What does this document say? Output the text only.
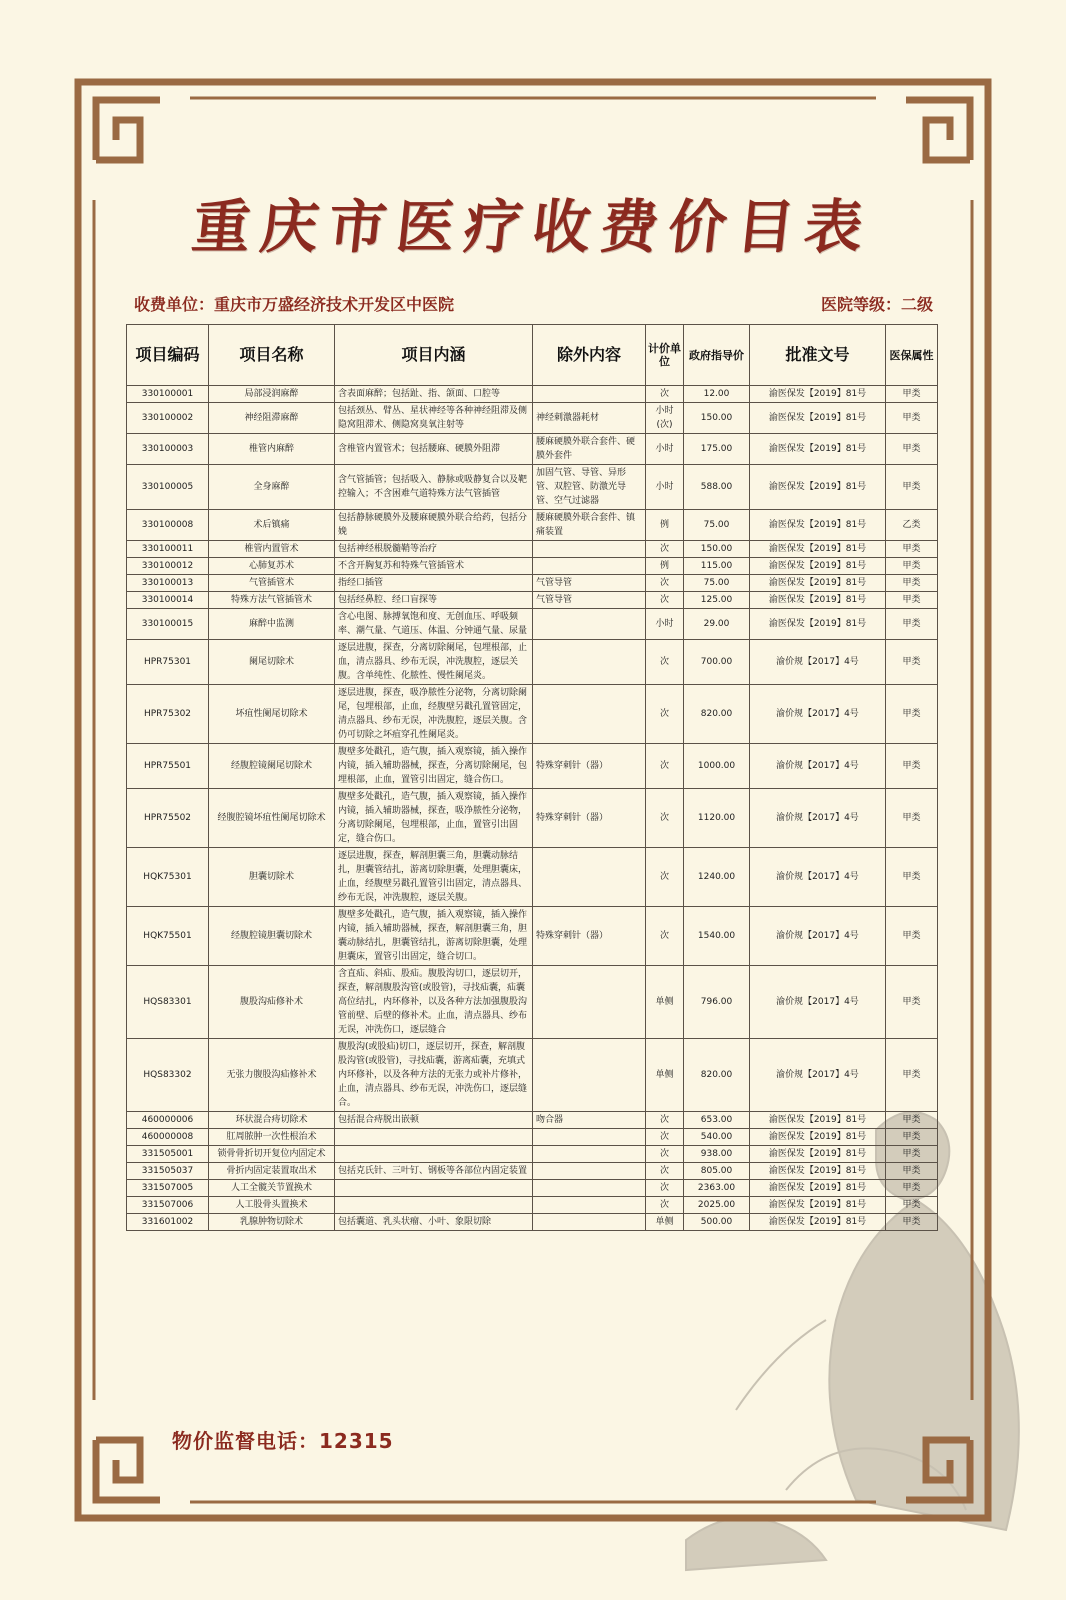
重庆市医疗收费价目表
收费单位：重庆市万盛经济技术开发区中医院	医院等级：二级
项目编码	项目名称	项目内涵	除外内容	计价单位	政府指导价	批准文号	医保属性
330100001	局部浸润麻醉	含表面麻醉；包括趾、指、颌面、口腔等		次	12.00	渝医保发【2019】81号	甲类
330100002	神经阻滞麻醉	包括颈丛、臂丛、星状神经等各种神经阻滞及侧隐窝阻滞术、侧隐窝臭氧注射等	神经刺激器耗材	小时(次)	150.00	渝医保发【2019】81号	甲类
330100003	椎管内麻醉	含椎管内置管术；包括腰麻、硬膜外阻滞	腰麻硬膜外联合套件、硬膜外套件	小时	175.00	渝医保发【2019】81号	甲类
330100005	全身麻醉	含气管插管；包括吸入、静脉或吸静复合以及靶控输入；不含困难气道特殊方法气管插管	加固气管、导管、异形管、双腔管、防激光导管、空气过滤器	小时	588.00	渝医保发【2019】81号	甲类
330100008	术后镇痛	包括静脉硬膜外及腰麻硬膜外联合给药，包括分娩	腰麻硬膜外联合套件、镇痛装置	例	75.00	渝医保发【2019】81号	乙类
330100011	椎管内置管术	包括神经根脱髓鞘等治疗		次	150.00	渝医保发【2019】81号	甲类
330100012	心肺复苏术	不含开胸复苏和特殊气管插管术		例	115.00	渝医保发【2019】81号	甲类
330100013	气管插管术	指经口插管	气管导管	次	75.00	渝医保发【2019】81号	甲类
330100014	特殊方法气管插管术	包括经鼻腔、经口盲探等	气管导管	次	125.00	渝医保发【2019】81号	甲类
330100015	麻醉中监测	含心电图、脉搏氧饱和度、无创血压、呼吸频率、潮气量、气道压、体温、分钟通气量、尿量		小时	29.00	渝医保发【2019】81号	甲类
HPR75301	阑尾切除术	逐层进腹，探查，分离切除阑尾，包埋根部，止血，清点器具、纱布无误，冲洗腹腔，逐层关腹。含单纯性、化脓性、慢性阑尾炎。		次	700.00	渝价规【2017】4号	甲类
HPR75302	坏疽性阑尾切除术	逐层进腹，探查，吸净脓性分泌物，分离切除阑尾，包埋根部，止血，经腹壁另戳孔置管固定，清点器具、纱布无误，冲洗腹腔，逐层关腹。含仍可切除之坏疽穿孔性阑尾炎。		次	820.00	渝价规【2017】4号	甲类
HPR75501	经腹腔镜阑尾切除术	腹壁多处戳孔，造气腹，插入观察镜，插入操作内镜，插入辅助器械，探查，分离切除阑尾，包埋根部，止血，置管引出固定，缝合伤口。	特殊穿刺针（器）	次	1000.00	渝价规【2017】4号	甲类
HPR75502	经腹腔镜坏疽性阑尾切除术	腹壁多处戳孔，造气腹，插入观察镜，插入操作内镜，插入辅助器械，探查，吸净脓性分泌物，分离切除阑尾，包埋根部，止血，置管引出固定，缝合伤口。	特殊穿刺针（器）	次	1120.00	渝价规【2017】4号	甲类
HQK75301	胆囊切除术	逐层进腹，探查，解剖胆囊三角，胆囊动脉结扎，胆囊管结扎，游离切除胆囊，处理胆囊床，止血，经腹壁另戳孔置管引出固定，清点器具、纱布无误，冲洗腹腔，逐层关腹。		次	1240.00	渝价规【2017】4号	甲类
HQK75501	经腹腔镜胆囊切除术	腹壁多处戳孔，造气腹，插入观察镜，插入操作内镜，插入辅助器械，探查，解剖胆囊三角，胆囊动脉结扎，胆囊管结扎，游离切除胆囊，处理胆囊床，置管引出固定，缝合切口。	特殊穿刺针（器）	次	1540.00	渝价规【2017】4号	甲类
HQS83301	腹股沟疝修补术	含直疝、斜疝、股疝。腹股沟切口，逐层切开，探查，解剖腹股沟管(或股管)，寻找疝囊，疝囊高位结扎，内环修补，以及各种方法加强腹股沟管前壁、后壁的修补术。止血，清点器具、纱布无误，冲洗伤口，逐层缝合		单侧	796.00	渝价规【2017】4号	甲类
HQS83302	无张力腹股沟疝修补术	腹股沟(或股疝)切口，逐层切开，探查，解剖腹股沟管(或股管)，寻找疝囊，游离疝囊，充填式内环修补，以及各种方法的无张力或补片修补，止血，清点器具、纱布无误，冲洗伤口，逐层缝合。		单侧	820.00	渝价规【2017】4号	甲类
460000006	环状混合痔切除术	包括混合痔脱出嵌顿	吻合器	次	653.00	渝医保发【2019】81号	甲类
460000008	肛周脓肿一次性根治术			次	540.00	渝医保发【2019】81号	甲类
331505001	锁骨骨折切开复位内固定术			次	938.00	渝医保发【2019】81号	甲类
331505037	骨折内固定装置取出术	包括克氏针、三叶钉、钢板等各部位内固定装置		次	805.00	渝医保发【2019】81号	甲类
331507005	人工全髋关节置换术			次	2363.00	渝医保发【2019】81号	甲类
331507006	人工股骨头置换术			次	2025.00	渝医保发【2019】81号	甲类
331601002	乳腺肿物切除术	包括囊道、乳头状瘤、小叶、象限切除		单侧	500.00	渝医保发【2019】81号	甲类
物价监督电话：12315
